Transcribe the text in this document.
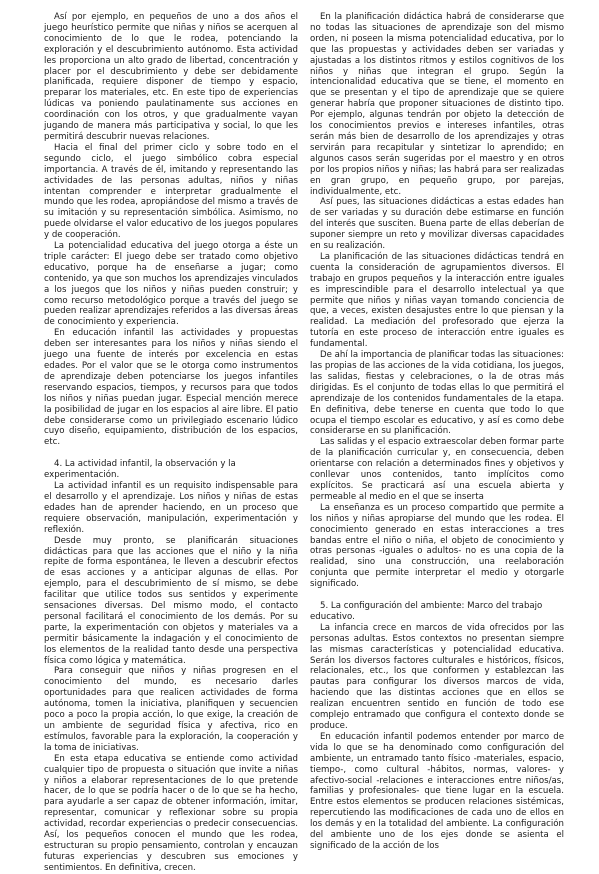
Así por ejemplo, en pequeños de uno a dos años el juego heurístico permite que niñas y niños se acerquen al conocimiento de lo que le rodea, potenciando la exploración y el descubrimiento autónomo. Esta actividad les proporciona un alto grado de libertad, concentración y placer por el descubrimiento y debe ser debidamente planificada, requiere disponer de tiempo y espacio, preparar los materiales, etc. En este tipo de experiencias lúdicas va poniendo paulatinamente sus acciones en coordinación con los otros, y que gradualmente vayan jugando de manera más participativa y social, lo que les permitirá descubrir nuevas relaciones.

Hacia el final del primer ciclo y sobre todo en el segundo ciclo, el juego simbólico cobra especial importancia. A través de él, imitando y representando las actividades de las personas adultas, niños y niñas intentan comprender e interpretar gradualmente el mundo que les rodea, apropiándose del mismo a través de su imitación y su representación simbólica. Asimismo, no puede olvidarse el valor educativo de los juegos populares y de cooperación.

La potencialidad educativa del juego otorga a éste un triple carácter: El juego debe ser tratado como objetivo educativo, porque ha de enseñarse a jugar; como contenido, ya que son muchos los aprendizajes vinculados a los juegos que los niños y niñas pueden construir; y como recurso metodológico porque a través del juego se pueden realizar aprendizajes referidos a las diversas áreas de conocimiento y experiencia.

En educación infantil las actividades y propuestas deben ser interesantes para los niños y niñas siendo el juego una fuente de interés por excelencia en estas edades. Por el valor que se le otorga como instrumentos de aprendizaje deben potenciarse los juegos infantiles reservando espacios, tiempos, y recursos para que todos los niños y niñas puedan jugar. Especial mención merece la posibilidad de jugar en los espacios al aire libre. El patio debe considerarse como un privilegiado escenario lúdico cuyo diseño, equipamiento, distribución de los espacios, etc.

4. La actividad infantil, la observación y la experimentación.

La actividad infantil es un requisito indispensable para el desarrollo y el aprendizaje. Los niños y niñas de estas edades han de aprender haciendo, en un proceso que requiere observación, manipulación, experimentación y reflexión.

Desde muy pronto, se planificarán situaciones didácticas para que las acciones que el niño y la niña repite de forma espontánea, le lleven a descubrir efectos de esas acciones y a anticipar algunas de ellas. Por ejemplo, para el descubrimiento de sí mismo, se debe facilitar que utilice todos sus sentidos y experimente sensaciones diversas. Del mismo modo, el contacto personal facilitará el conocimiento de los demás. Por su parte, la experimentación con objetos y materiales va a permitir básicamente la indagación y el conocimiento de los elementos de la realidad tanto desde una perspectiva física como lógica y matemática.

Para conseguir que niños y niñas progresen en el conocimiento del mundo, es necesario darles oportunidades para que realicen actividades de forma autónoma, tomen la iniciativa, planifiquen y secuencien poco a poco la propia acción, lo que exige, la creación de un ambiente de seguridad física y afectiva, rico en estímulos, favorable para la exploración, la cooperación y la toma de iniciativas.

En esta etapa educativa se entiende como actividad cualquier tipo de propuesta o situación que invite a niñas y niños a elaborar representaciones de lo que pretende hacer, de lo que se podría hacer o de lo que se ha hecho, para ayudarle a ser capaz de obtener información, imitar, representar, comunicar y reflexionar sobre su propia actividad, recordar experiencias o predecir consecuencias. Así, los pequeños conocen el mundo que les rodea, estructuran su propio pensamiento, controlan y encauzan futuras experiencias y descubren sus emociones y sentimientos. En definitiva, crecen.

En la planificación didáctica habrá de considerarse que no todas las situaciones de aprendizaje son del mismo orden, ni poseen la misma potencialidad educativa, por lo que las propuestas y actividades deben ser variadas y ajustadas a los distintos ritmos y estilos cognitivos de los niños y niñas que integran el grupo. Según la intencionalidad educativa que se tiene, el momento en que se presentan y el tipo de aprendizaje que se quiere generar habría que proponer situaciones de distinto tipo. Por ejemplo, algunas tendrán por objeto la detección de los conocimientos previos e intereses infantiles, otras serán más bien de desarrollo de los aprendizajes y otras servirán para recapitular y sintetizar lo aprendido; en algunos casos serán sugeridas por el maestro y en otros por los propios niños y niñas; las habrá para ser realizadas en gran grupo, en pequeño grupo, por parejas, individualmente, etc.

Así pues, las situaciones didácticas a estas edades han de ser variadas y su duración debe estimarse en función del interés que susciten. Buena parte de ellas deberían de suponer siempre un reto y movilizar diversas capacidades en su realización.

La planificación de las situaciones didácticas tendrá en cuenta la consideración de agrupamientos diversos. El trabajo en grupos pequeños y la interacción entre iguales es imprescindible para el desarrollo intelectual ya que permite que niños y niñas vayan tomando conciencia de que, a veces, existen desajustes entre lo que piensan y la realidad. La mediación del profesorado que ejerza la tutoría en este proceso de interacción entre iguales es fundamental.

De ahí la importancia de planificar todas las situaciones: las propias de las acciones de la vida cotidiana, los juegos, las salidas, fiestas y celebraciones, o la de otras más dirigidas. Es el conjunto de todas ellas lo que permitirá el aprendizaje de los contenidos fundamentales de la etapa. En definitiva, debe tenerse en cuenta que todo lo que ocupa el tiempo escolar es educativo, y así es como debe considerarse en su planificación.

Las salidas y el espacio extraescolar deben formar parte de la planificación curricular y, en consecuencia, deben orientarse con relación a determinados fines y objetivos y conllevar unos contenidos, tanto implícitos como explícitos. Se practicará así una escuela abierta y permeable al medio en el que se inserta

La enseñanza es un proceso compartido que permite a los niños y niñas apropiarse del mundo que les rodea. El conocimiento generado en estas interacciones a tres bandas entre el niño o niña, el objeto de conocimiento y otras personas -iguales o adultos- no es una copia de la realidad, sino una construcción, una reelaboración conjunta que permite interpretar el medio y otorgarle significado.

5. La configuración del ambiente: Marco del trabajo educativo.

La infancia crece en marcos de vida ofrecidos por las personas adultas. Estos contextos no presentan siempre las mismas características y potencialidad educativa. Serán los diversos factores culturales e históricos, físicos, relacionales, etc., los que conformen y establezcan las pautas para configurar los diversos marcos de vida, haciendo que las distintas acciones que en ellos se realizan encuentren sentido en función de todo ese complejo entramado que configura el contexto donde se produce.

En educación infantil podemos entender por marco de vida lo que se ha denominado como configuración del ambiente, un entramado tanto físico -materiales, espacio, tiempo-, como cultural -hábitos, normas, valores- y afectivo-social -relaciones e interacciones entre niños/as, familias y profesionales- que tiene lugar en la escuela. Entre estos elementos se producen relaciones sistémicas, repercutiendo las modificaciones de cada uno de ellos en los demás y en la totalidad del ambiente. La configuración del ambiente uno de los ejes donde se asienta el significado de la acción de los
